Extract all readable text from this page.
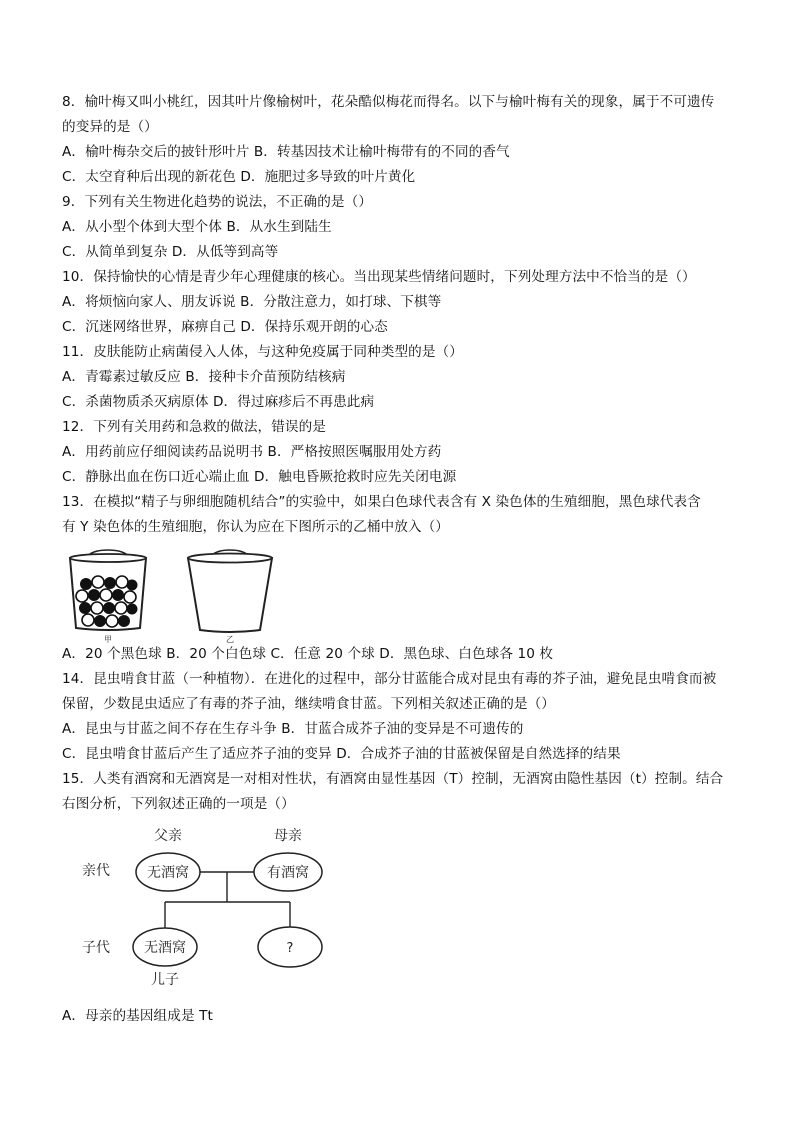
8．榆叶梅又叫小桃红，因其叶片像榆树叶，花朵酷似梅花而得名。以下与榆叶梅有关的现象，属于不可遗传
的变异的是（）
A．榆叶梅杂交后的披针形叶片 B．转基因技术让榆叶梅带有的不同的香气
C．太空育种后出现的新花色 D．施肥过多导致的叶片黄化
9．下列有关生物进化趋势的说法，不正确的是（）
A．从小型个体到大型个体 B．从水生到陆生
C．从简单到复杂 D．从低等到高等
10．保持愉快的心情是青少年心理健康的核心。当出现某些情绪问题时，下列处理方法中不恰当的是（）
A．将烦恼向家人、朋友诉说 B．分散注意力，如打球、下棋等
C．沉迷网络世界，麻痹自己 D．保持乐观开朗的心态
11．皮肤能防止病菌侵入人体，与这种免疫属于同种类型的是（）
A．青霉素过敏反应 B．接种卡介苗预防结核病
C．杀菌物质杀灭病原体 D．得过麻疹后不再患此病
12．下列有关用药和急救的做法，错误的是
A．用药前应仔细阅读药品说明书 B．严格按照医嘱服用处方药
C．静脉出血在伤口近心端止血 D．触电昏厥抢救时应先关闭电源
13．在模拟“精子与卵细胞随机结合”的实验中，如果白色球代表含有 X 染色体的生殖细胞，黑色球代表含
有 Y 染色体的生殖细胞，你认为应在下图所示的乙桶中放入（）
甲	乙
A．20 个黑色球 B．20 个白色球 C．任意 20 个球 D．黑色球、白色球各 10 枚
14．昆虫啃食甘蓝（一种植物）．在进化的过程中，部分甘蓝能合成对昆虫有毒的芥子油，避免昆虫啃食而被
保留，少数昆虫适应了有毒的芥子油，继续啃食甘蓝。下列相关叙述正确的是（）
A．昆虫与甘蓝之间不存在生存斗争 B．甘蓝合成芥子油的变异是不可遗传的
C．昆虫啃食甘蓝后产生了适应芥子油的变异 D．合成芥子油的甘蓝被保留是自然选择的结果
15．人类有酒窝和无酒窝是一对相对性状，有酒窝由显性基因（T）控制，无酒窝由隐性基因（t）控制。结合
右图分析，下列叙述正确的一项是（）
父亲	母亲
亲代	无酒窝	有酒窝
子代 无酒窝	?
儿子
A．母亲的基因组成是 Tt
